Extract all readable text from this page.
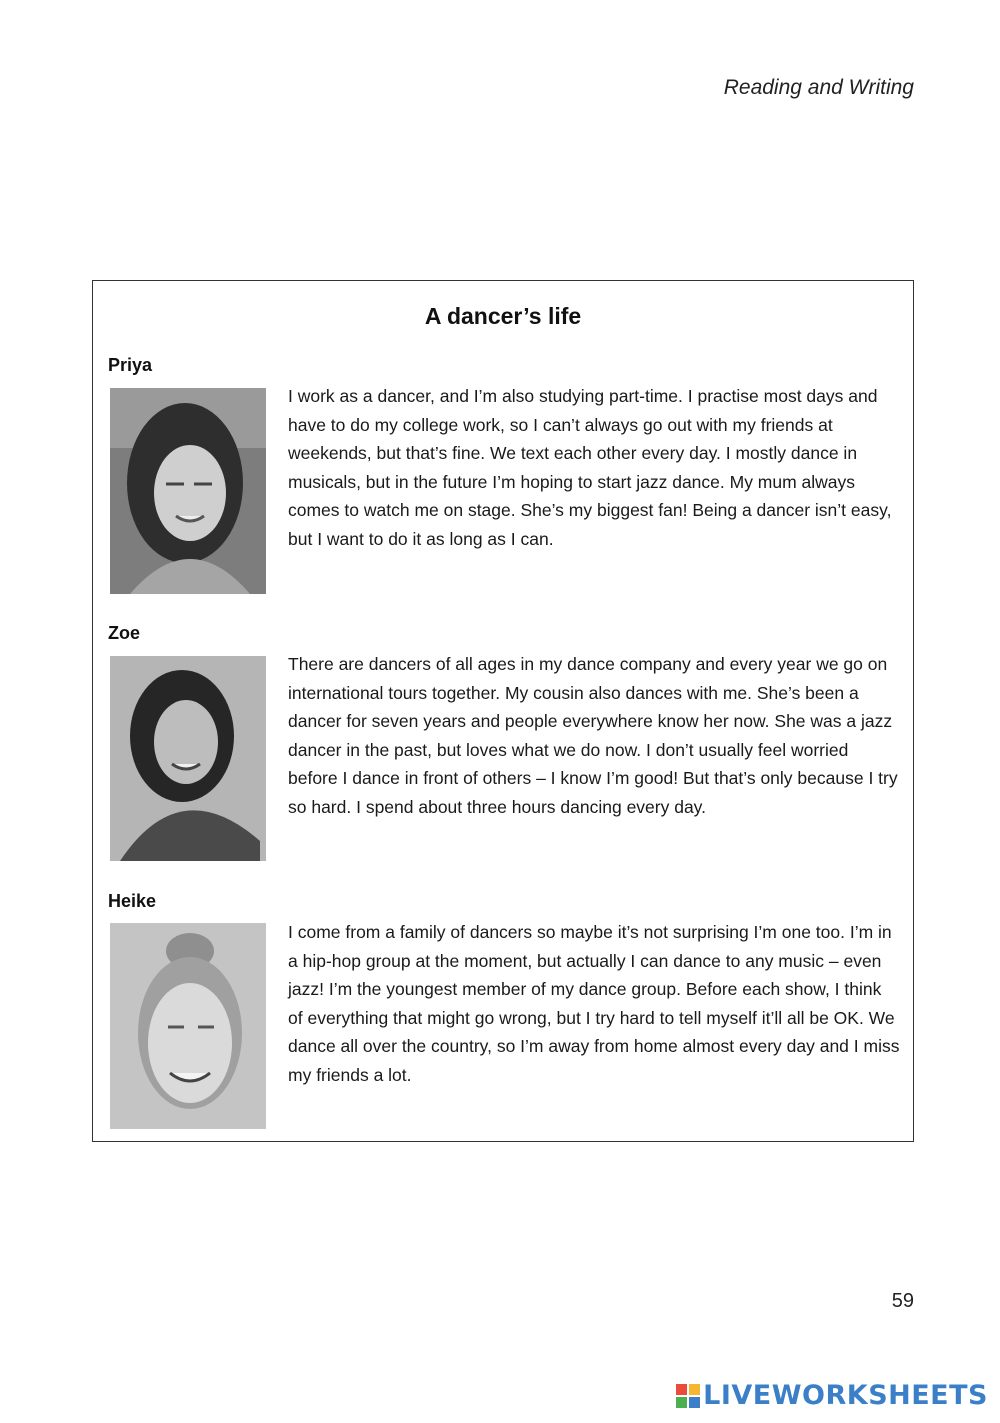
Reading and Writing
A dancer’s life
Priya
I work as a dancer, and I’m also studying part-time. I practise most days and have to do my college work, so I can’t always go out with my friends at weekends, but that’s fine. We text each other every day. I mostly dance in musicals, but in the future I’m hoping to start jazz dance. My mum always comes to watch me on stage. She’s my biggest fan! Being a dancer isn’t easy, but I want to do it as long as I can.
Zoe
There are dancers of all ages in my dance company and every year we go on international tours together. My cousin also dances with me. She’s been a dancer for seven years and people everywhere know her now. She was a jazz dancer in the past, but loves what we do now. I don’t usually feel worried before I dance in front of others – I know I’m good! But that’s only because I try so hard. I spend about three hours dancing every day.
Heike
I come from a family of dancers so maybe it’s not surprising I’m one too. I’m in a hip-hop group at the moment, but actually I can dance to any music – even jazz! I’m the youngest member of my dance group. Before each show, I think of everything that might go wrong, but I try hard to tell myself it’ll all be OK. We dance all over the country, so I’m away from home almost every day and I miss my friends a lot.
59
LIVEWORKSHEETS
